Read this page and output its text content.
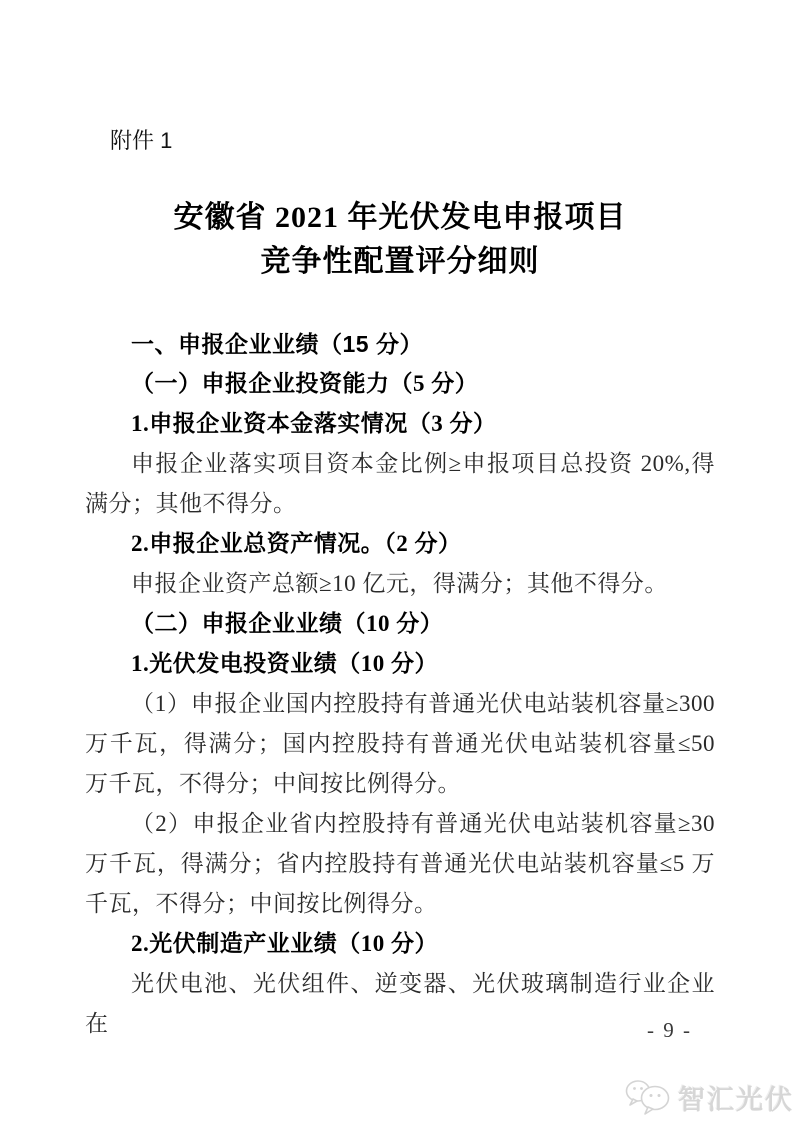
附件 1
安徽省 2021 年光伏发电申报项目
竞争性配置评分细则

一、申报企业业绩（15 分）

（一）申报企业投资能力（5 分）

1.申报企业资本金落实情况（3 分）

申报企业落实项目资本金比例≥申报项目总投资 20%,得满分；其他不得分。

2.申报企业总资产情况。（2 分）

申报企业资产总额≥10 亿元，得满分；其他不得分。

（二）申报企业业绩（10 分）

1.光伏发电投资业绩（10 分）

（1）申报企业国内控股持有普通光伏电站装机容量≥300 万千瓦，得满分；国内控股持有普通光伏电站装机容量≤50 万千瓦，不得分；中间按比例得分。

（2）申报企业省内控股持有普通光伏电站装机容量≥30 万千瓦，得满分；省内控股持有普通光伏电站装机容量≤5 万千瓦，不得分；中间按比例得分。

2.光伏制造产业业绩（10 分）

光伏电池、光伏组件、逆变器、光伏玻璃制造行业企业在	- 9 -
智汇光伏
